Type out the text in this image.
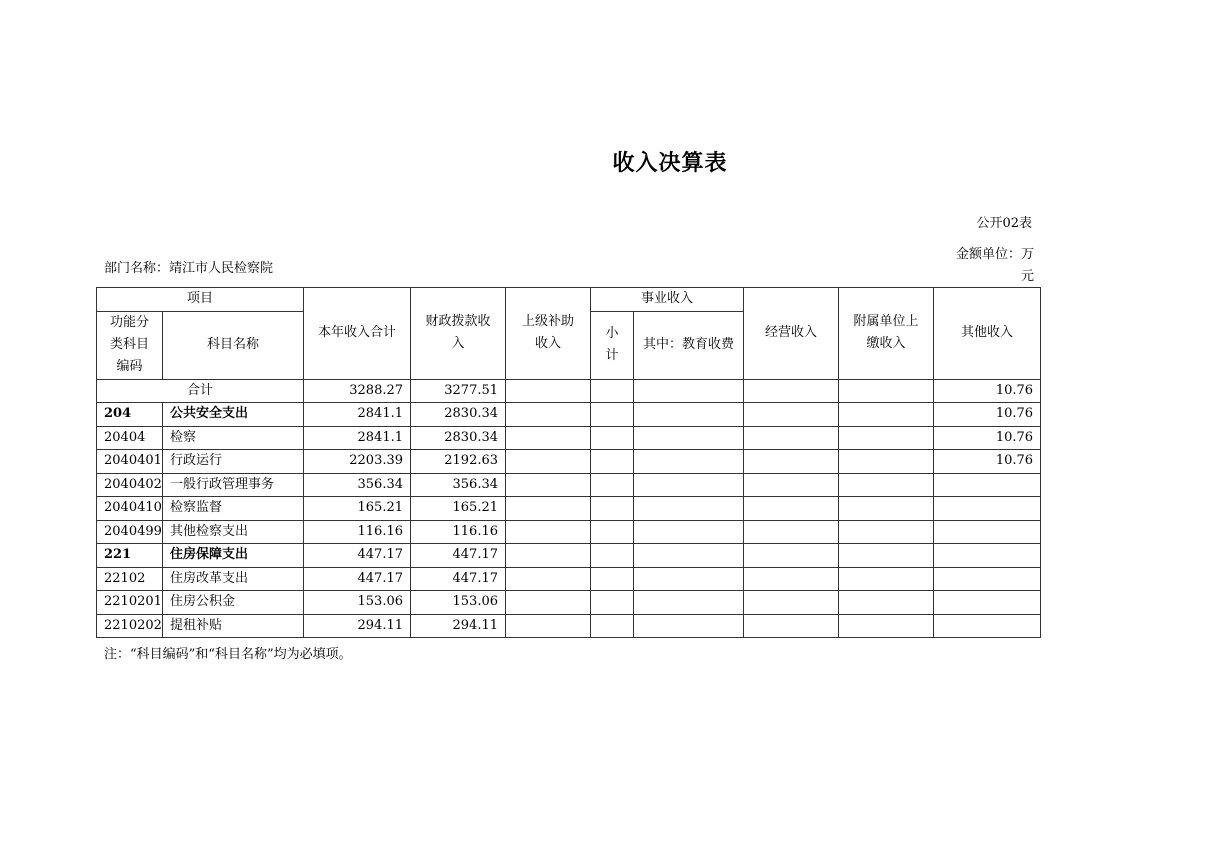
收入决算表
公开02表
部门名称：靖江市人民检察院
金额单位：万元
项目		本年收入合计	财政拨款收入	上级补助收入	事业收入		经营收入	附属单位上缴收入	其他收入
功能分类科目编码	科目名称				小计	其中：教育收费			
合计		3288.27	3277.51						10.76
204	公共安全支出	2841.1	2830.34						10.76
20404	检察	2841.1	2830.34						10.76
2040401	行政运行	2203.39	2192.63						10.76
2040402	一般行政管理事务	356.34	356.34						
2040410	检察监督	165.21	165.21						
2040499	其他检察支出	116.16	116.16						
221	住房保障支出	447.17	447.17						
22102	住房改革支出	447.17	447.17						
2210201	住房公积金	153.06	153.06						
2210202	提租补贴	294.11	294.11						
注：“科目编码”和“科目名称”均为必填项。
